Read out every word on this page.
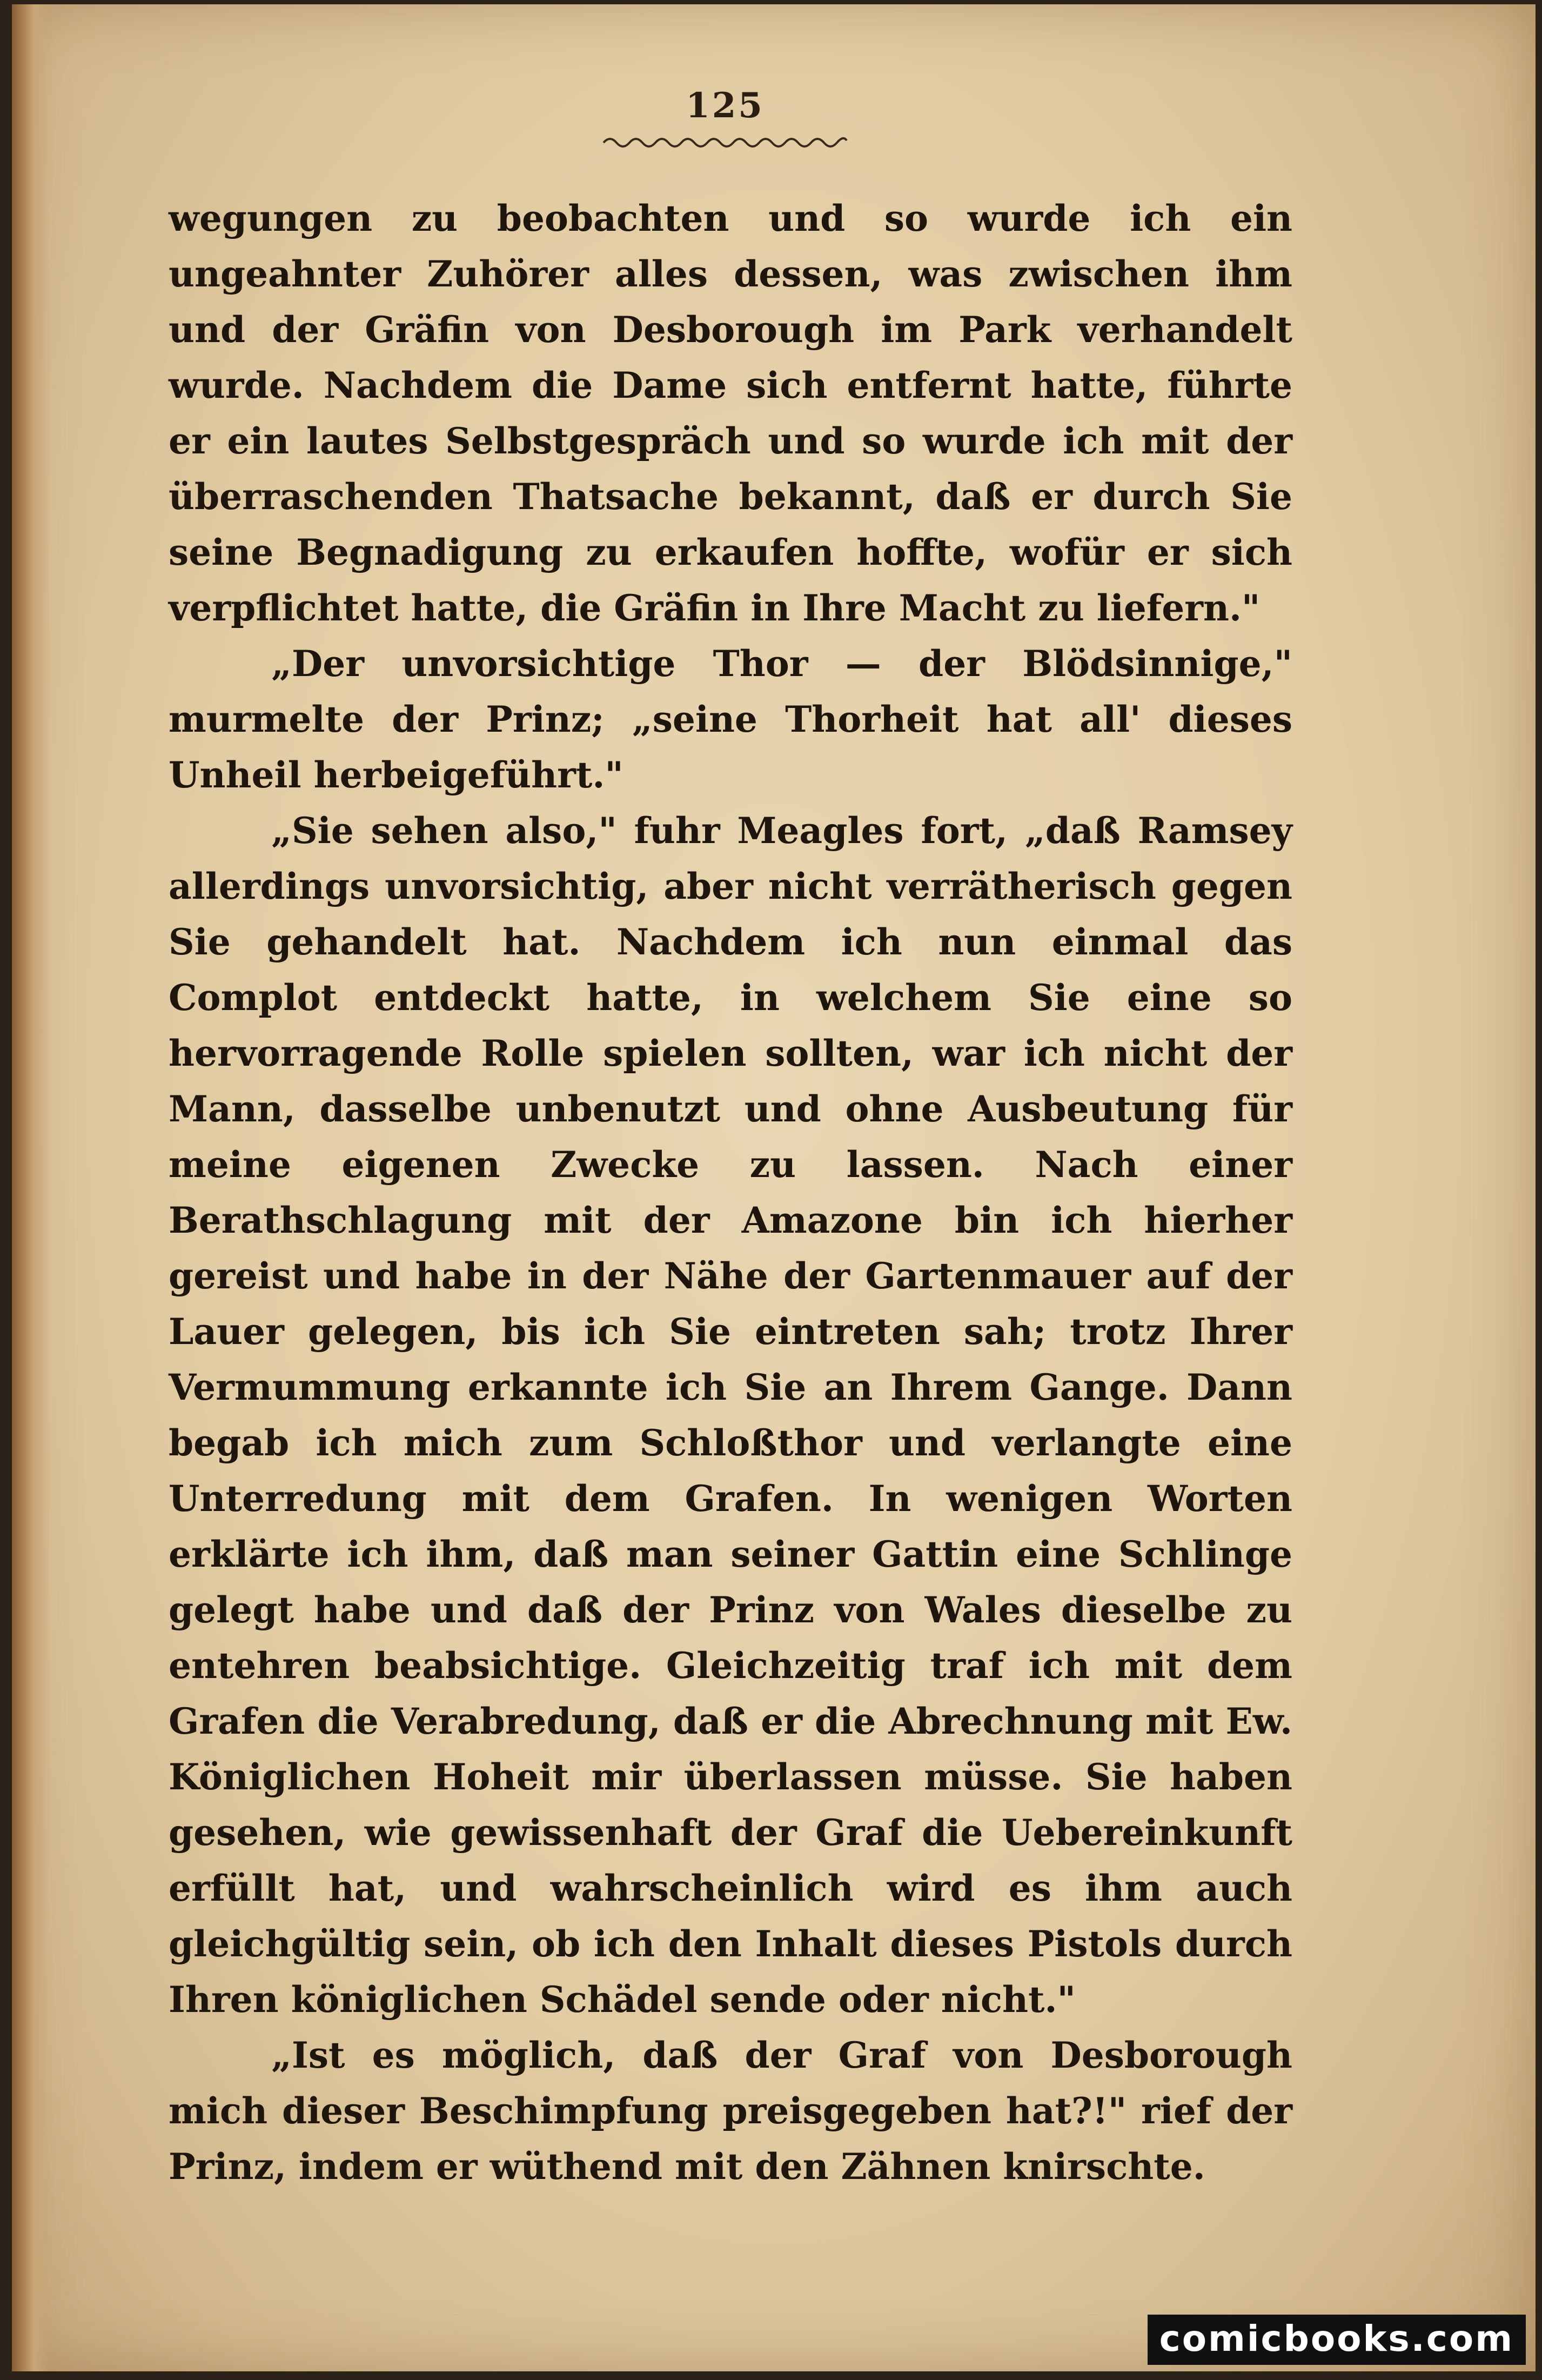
125

wegungen zu beobachten und so wurde ich ein ungeahnter Zuhörer alles dessen, was zwischen ihm und der Gräfin von Desborough im Park verhandelt wurde. Nachdem die Dame sich entfernt hatte, führte er ein lautes Selbstgespräch und so wurde ich mit der überraschenden Thatsache bekannt, daß er durch Sie seine Begnadigung zu erkaufen hoffte, wofür er sich verpflichtet hatte, die Gräfin in Ihre Macht zu liefern."

„Der unvorsichtige Thor — der Blödsinnige," murmelte der Prinz; „seine Thorheit hat all' dieses Unheil herbeigeführt."

„Sie sehen also," fuhr Meagles fort, „daß Ramsey allerdings unvorsichtig, aber nicht verrätherisch gegen Sie gehandelt hat. Nachdem ich nun einmal das Complot entdeckt hatte, in welchem Sie eine so hervorragende Rolle spielen sollten, war ich nicht der Mann, dasselbe unbenutzt und ohne Ausbeutung für meine eigenen Zwecke zu lassen. Nach einer Berathschlagung mit der Amazone bin ich hierher gereist und habe in der Nähe der Gartenmauer auf der Lauer gelegen, bis ich Sie eintreten sah; trotz Ihrer Vermummung erkannte ich Sie an Ihrem Gange. Dann begab ich mich zum Schloßthor und verlangte eine Unterredung mit dem Grafen. In wenigen Worten erklärte ich ihm, daß man seiner Gattin eine Schlinge gelegt habe und daß der Prinz von Wales dieselbe zu entehren beabsichtige. Gleichzeitig traf ich mit dem Grafen die Verabredung, daß er die Abrechnung mit Ew. Königlichen Hoheit mir überlassen müsse. Sie haben gesehen, wie gewissenhaft der Graf die Uebereinkunft erfüllt hat, und wahrscheinlich wird es ihm auch gleichgültig sein, ob ich den Inhalt dieses Pistols durch Ihren königlichen Schädel sende oder nicht."

„Ist es möglich, daß der Graf von Desborough mich dieser Beschimpfung preisgegeben hat?!" rief der Prinz, indem er wüthend mit den Zähnen knirschte.

comicbooks.com
